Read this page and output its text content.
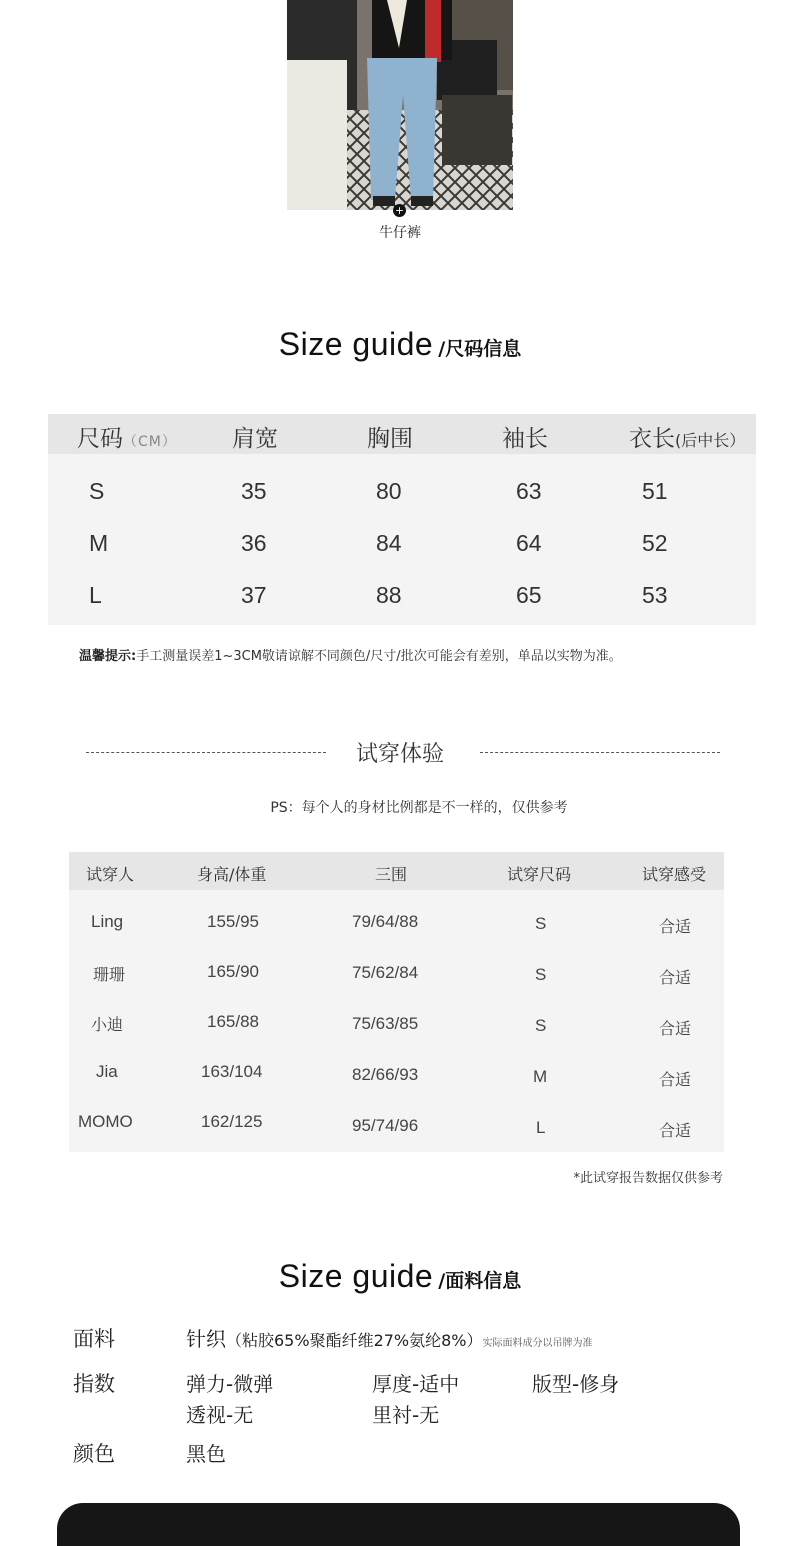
+
牛仔裤
Size guide /尺码信息
尺码（CM） 肩宽	胸围	袖长	衣长(后中长）
S	35	80	63	51
M	36	84	64	52
L	37	88	65	53
温馨提示:手工测量误差1~3CM敬请谅解不同颜色/尺寸/批次可能会有差别，单品以实物为准。
试穿体验
PS：每个人的身材比例都是不一样的，仅供参考
试穿人	身高/体重	三围	试穿尺码	试穿感受
Ling	155/95	79/64/88	S	合适
珊珊	165/90	75/62/84	S	合适
小迪	165/88	75/63/85	S	合适
Jia	163/104	82/66/93	M	合适
MOMO	162/125	95/74/96	L	合适
*此试穿报告数据仅供参考
Size guide /面料信息
面料	针织（粘胶65%聚酯纤维27%氨纶8%）实际面料成分以吊牌为准
指数	弹力-微弹	厚度-适中	版型-修身
透视-无	里衬-无
颜色	黑色
